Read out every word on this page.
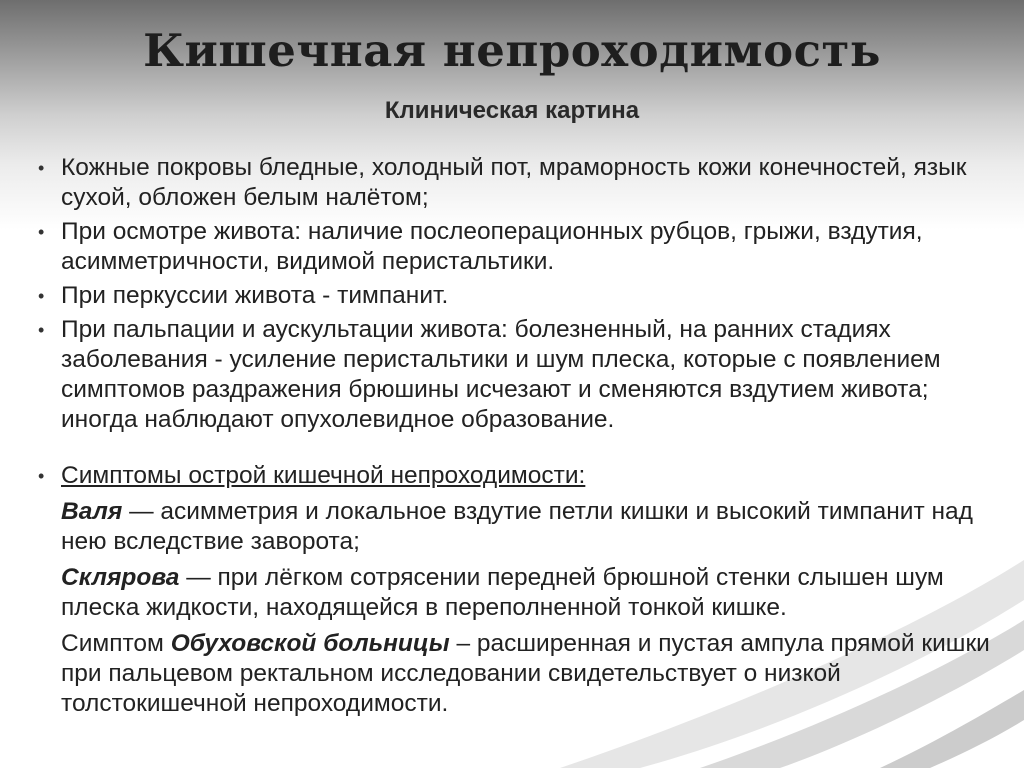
Кишечная непроходимость
Клиническая картина
• Кожные покровы бледные, холодный пот, мраморность кожи конечностей, язык сухой, обложен белым налётом;
• При осмотре живота: наличие послеоперационных рубцов, грыжи, вздутия, асимметричности, видимой перистальтики.
• При перкуссии живота - тимпанит.
• При пальпации и аускультации живота: болезненный, на ранних стадиях заболевания - усиление перистальтики и шум плеска, которые с появлением симптомов раздражения брюшины исчезают и сменяются вздутием живота; иногда наблюдают опухолевидное образование.
• Симптомы острой кишечной непроходимости:
Валя — асимметрия и локальное вздутие петли кишки и высокий тимпанит над нею вследствие заворота;
Склярова — при лёгком сотрясении передней брюшной стенки слышен шум плеска жидкости, находящейся в переполненной тонкой кишке.
Симптом Обуховской больницы – расширенная и пустая ампула прямой кишки при пальцевом ректальном исследовании свидетельствует о низкой толстокишечной непроходимости.
